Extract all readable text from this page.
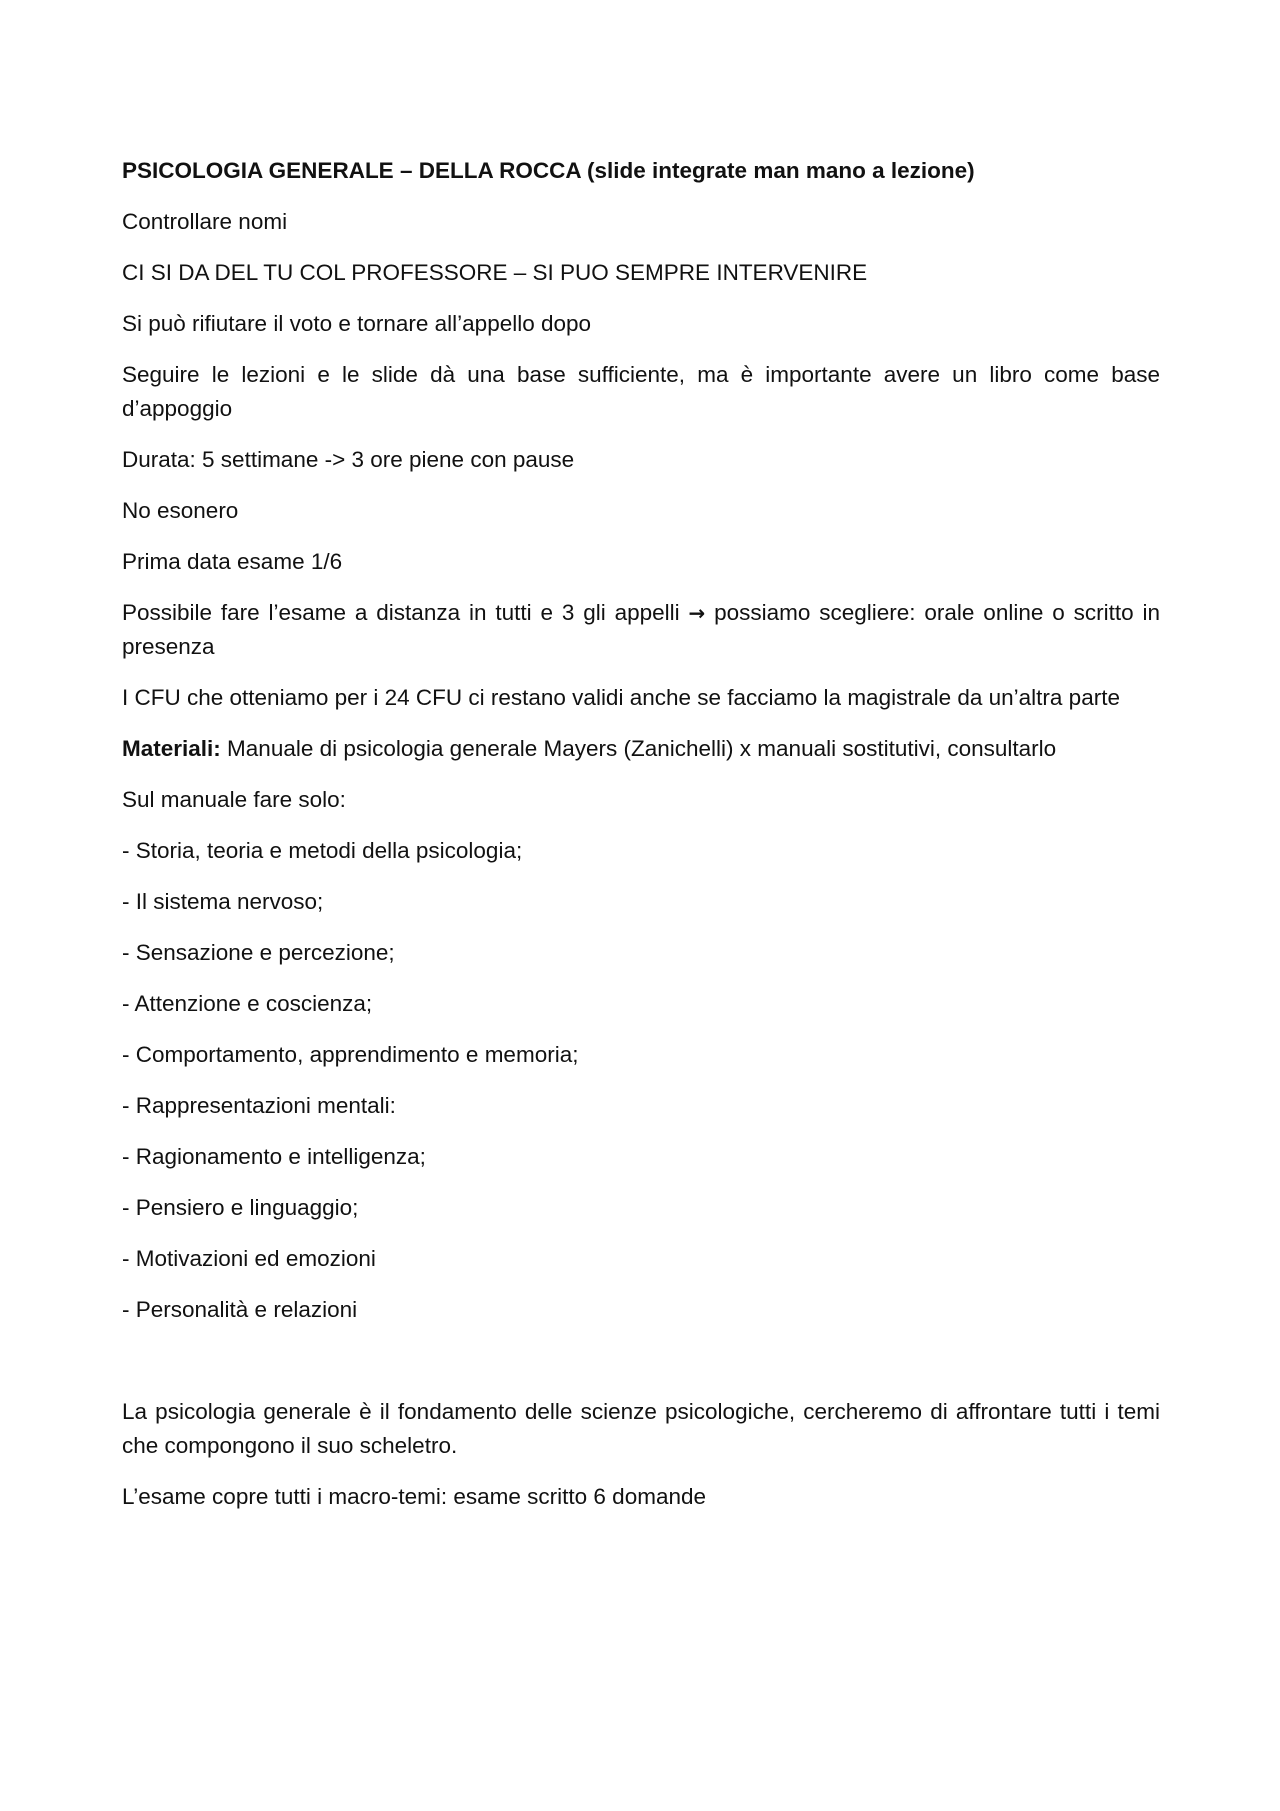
PSICOLOGIA GENERALE – DELLA ROCCA (slide integrate man mano a lezione)

Controllare nomi

CI SI DA DEL TU COL PROFESSORE – SI PUO SEMPRE INTERVENIRE

Si può rifiutare il voto e tornare all’appello dopo

Seguire le lezioni e le slide dà una base sufficiente, ma è importante avere un libro come base d’appoggio

Durata: 5 settimane -> 3 ore piene con pause

No esonero

Prima data esame 1/6

Possibile fare l’esame a distanza in tutti e 3 gli appelli → possiamo scegliere: orale online o scritto in presenza

I CFU che otteniamo per i 24 CFU ci restano validi anche se facciamo la magistrale da un’altra parte

Materiali: Manuale di psicologia generale Mayers (Zanichelli) x manuali sostitutivi, consultarlo

Sul manuale fare solo:

- Storia, teoria e metodi della psicologia;

- Il sistema nervoso;

- Sensazione e percezione;

- Attenzione e coscienza;

- Comportamento, apprendimento e memoria;

- Rappresentazioni mentali:

- Ragionamento e intelligenza;

- Pensiero e linguaggio;

- Motivazioni ed emozioni

- Personalità e relazioni

La psicologia generale è il fondamento delle scienze psicologiche, cercheremo di affrontare tutti i temi che compongono il suo scheletro.

L’esame copre tutti i macro-temi: esame scritto 6 domande
